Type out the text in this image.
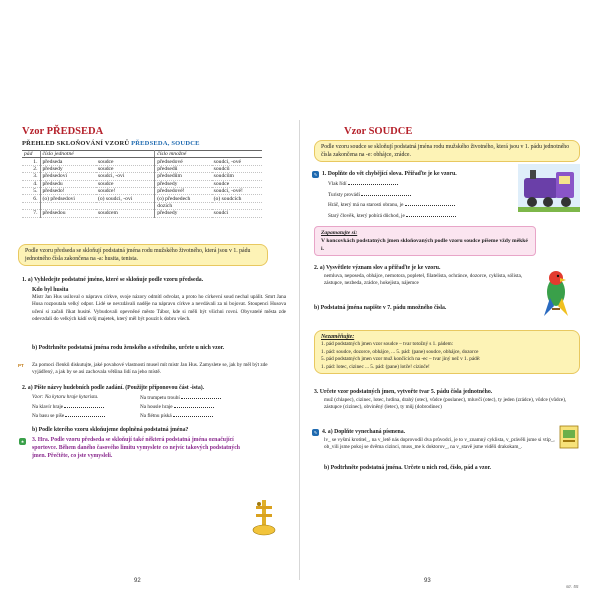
Vzor PŘEDSEDA
PŘEHLED SKLOŇOVÁNÍ VZORŮ PŘEDSEDA, SOUDCE
pád	číslo jednotné		číslo množné	
1.	předseda	soudce	předsedové	soudci, -ové
2.	předsedy	soudce	předsedů	soudců
3.	předsedovi	soudci, -ovi	předsedům	soudcům
4.	předsedu	soudce	předsedy	soudce
5.	předsedo!	soudce!	předsedové!	soudci, -ové!
6.	(o) předsedovi	(o) soudci, -ovi	(o) předsedech	(o) soudcích
			dozích	
7.	předsedou	soudcem	předsedy	soudci
Podle vzoru předseda se skloňují podstatná jména rodu mužského životného, která jsou v 1. pádu jednotného čísla zakončena na -a: husita, tenista.
1. a) Vyhledejte podstatné jméno, které se skloňuje podle vzoru předseda.
Kdo byl husita
Mistr Jan Hus usiloval o nápravu církve, svoje názory odmítl odvolat, a proto ho církevní soud nechal upálit. Smrt Jana Husa rozpoutala velký odpor. Lidé se nevzdávali naděje na nápravu církve a nevdávali za ni bojovat. Stoupenci Husova učení si začali říkat husité. Vybudovali opevněné město Tábor, kde si měli být všichni rovni. Obyvatelé města zde odevzdali do velkých kádí svůj majetek, který měl být pouzit k dobru všech.
b) Podtrhněte podstatná jména rodu ženského a středního, určete u nich vzor.
PT Za pomoci členků diskutujte, jaké povahové vlastnosti musel mít mistr Jan Hus. Zamyslete se, jak by měl být zde vyjádřený, a jak by se asi zachovala většina lidí na jeho místě.
2. a) Pište názvy hudebních podle zadání. (Použijte příponovou část -ista).
Vzor: Na kytaru hraje kytarista.	Na trumpetu troubí
Na klavír hraje	Na housle hraje
Na basu se píše	Na flétnu píská
b) Podle kterého vzoru skloňujeme doplněná podstatná jména?
★ 3. Hra. Podle vzoru předseda se skloňují také některá podstatná jména označující sportovce. Během daného časového limitu vymyslete co nejvíc takových podstatných jmen. Přečtěte, co jste vymysleli.
92
Vzor SOUDCE
Podle vzoru soudce se skloňují podstatná jména rodu mužského životného, která jsou v 1. pádu jednotného čísla zakončena na -e: obhájce, zrádce.
✎ 1. Doplňte do vět chybějící slova. Přiřaďte je ke vzoru.
Vlak řídí
Turisty provádí
Hráč, který má na starosti obranu, je
Starý člověk, který pobírá důchod, je
Zapamatujte si:
V koncovkách podstatných jmen skloňovaných podle vzoru soudce píšeme vždy měkké i.
2. a) Vysvětlete význam slov a přiřaďte je ke vzoru.
nemluva, neposeda, obhájce, nemotora, popletel, filatelista, ochránce, dozorce, cyklista, sólista, zástupce, nezbeda, zrádce, hokejista, nájemce
b) Podstatná jména napište v 7. pádu množného čísla.
Nezaměňujte:
1. pád podstatných jmen vzor soudce – tvar totožný s 1. pádem:
1. pád: soudce, dozorce, obhájce, ... 5. pád: (pane) soudce, obhájce, dozorce
5. pád podstatných jmen vzor muž končících na -ec – tvar jiný než v 1. pádě:
1. pád: lotec, cizinec ... 5. pád: (pane) lotče! cizinče!
3. Určete vzor podstatných jmen, vytvořte tvar 5. pádu čísla jednotného.
muž (chlapec), cizinec, lotec, hrdina, drahý (otec), vůdce (poslanec), mluvčí (otec), ty jeden (zrádce), vůdce (vůdce), zástupce (cizinec), obviněný (letec), ty můj (dobrodinec)
✎ 4. a) Doplňte vynechaná písmena.
lv_ se vyšmí krotitel_, na v_letě nás doprovodil dva průvodci, je to v_znamný cyklista, v_právěli jsme si vtip_, ob_vili jsme pokoj se dvěma cizinci, muss_me k doktorov_, na v_stavě jsme viděli drakokam_.
b) Podtrhněte podstatná jména. Určete u nich rod, číslo, pád a vzor.
93
str. 55
